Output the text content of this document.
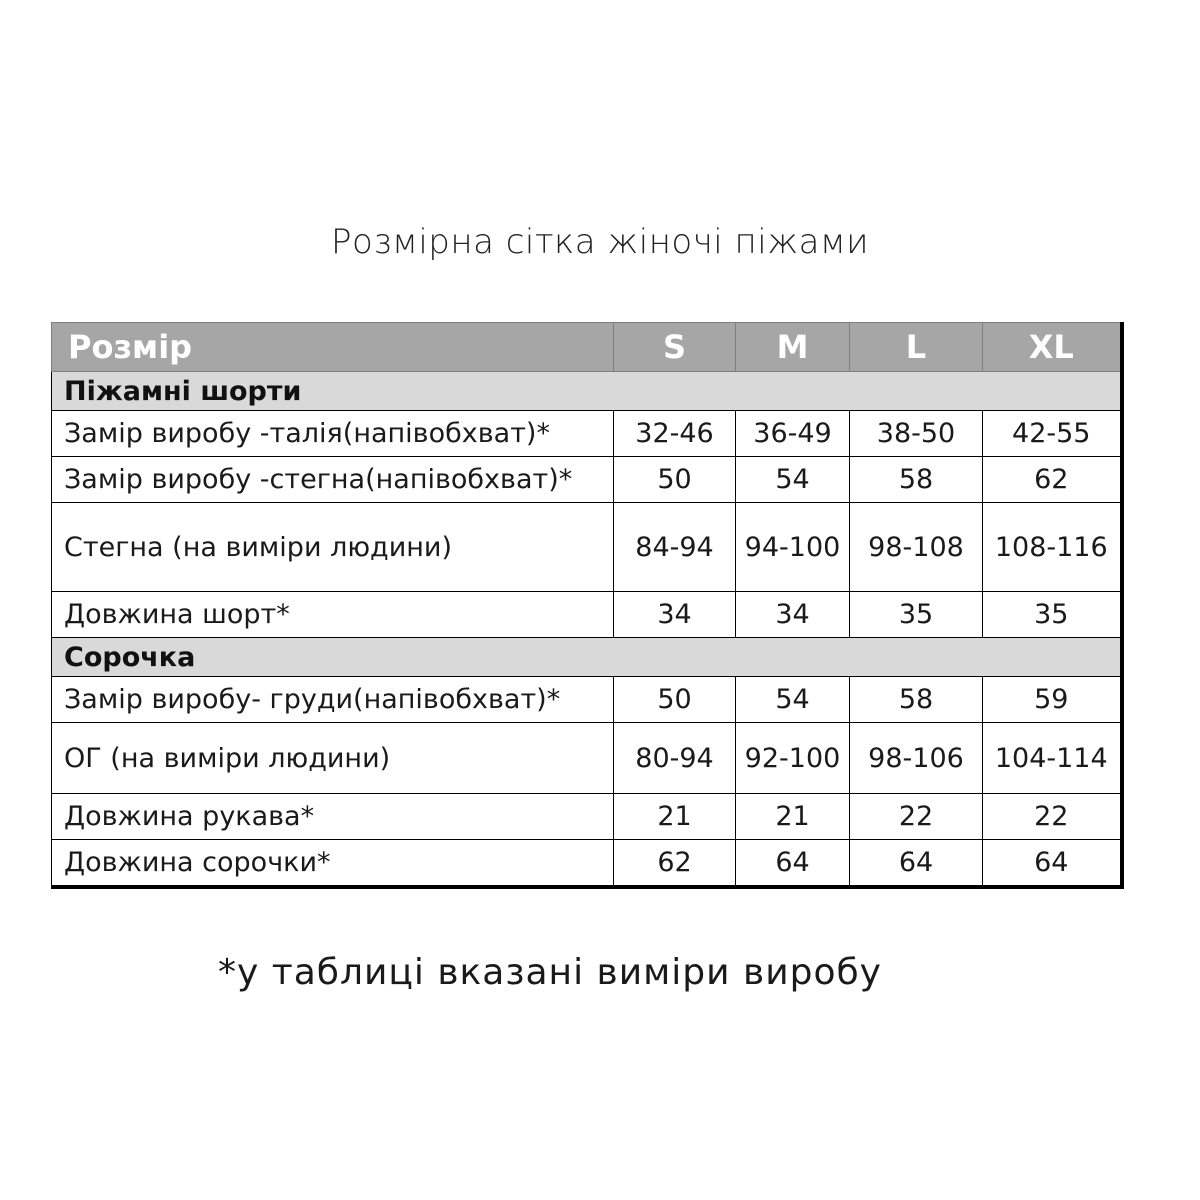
Розмірна сітка жіночі піжами
Розмір	S	M	L	XL
Піжамні шорти				
Замір виробу -талія(напівобхват)*	32-46	36-49	38-50	42-55
Замір виробу -стегна(напівобхват)*	50	54	58	62
Стегна (на виміри людини)	84-94	94-100	98-108	108-116
Довжина шорт*	34	34	35	35
Сорочка				
Замір виробу- груди(напівобхват)*	50	54	58	59
ОГ (на виміри людини)	80-94	92-100	98-106	104-114
Довжина рукава*	21	21	22	22
Довжина сорочки*	62	64	64	64
*у таблиці вказані виміри виробу
